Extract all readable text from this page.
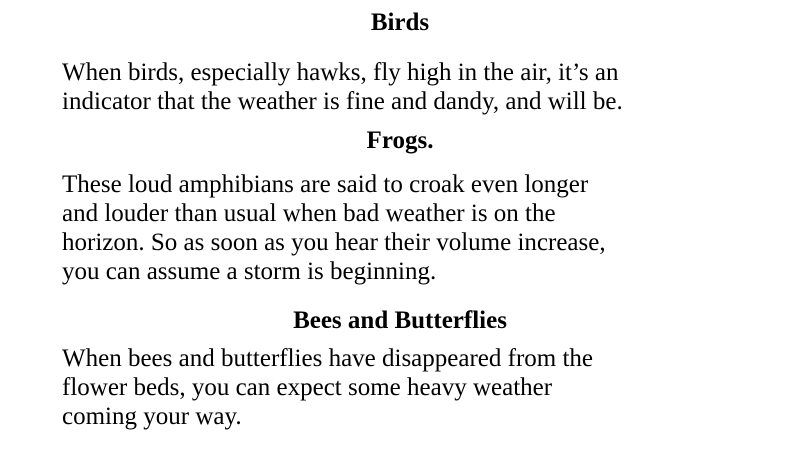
Birds

When birds, especially hawks, fly high in the air, it’s an
indicator that the weather is fine and dandy, and will be.

Frogs.

These loud amphibians are said to croak even longer
and louder than usual when bad weather is on the
horizon. So as soon as you hear their volume increase,
you can assume a storm is beginning.

Bees and Butterflies

When bees and butterflies have disappeared from the
flower beds, you can expect some heavy weather
coming your way.
